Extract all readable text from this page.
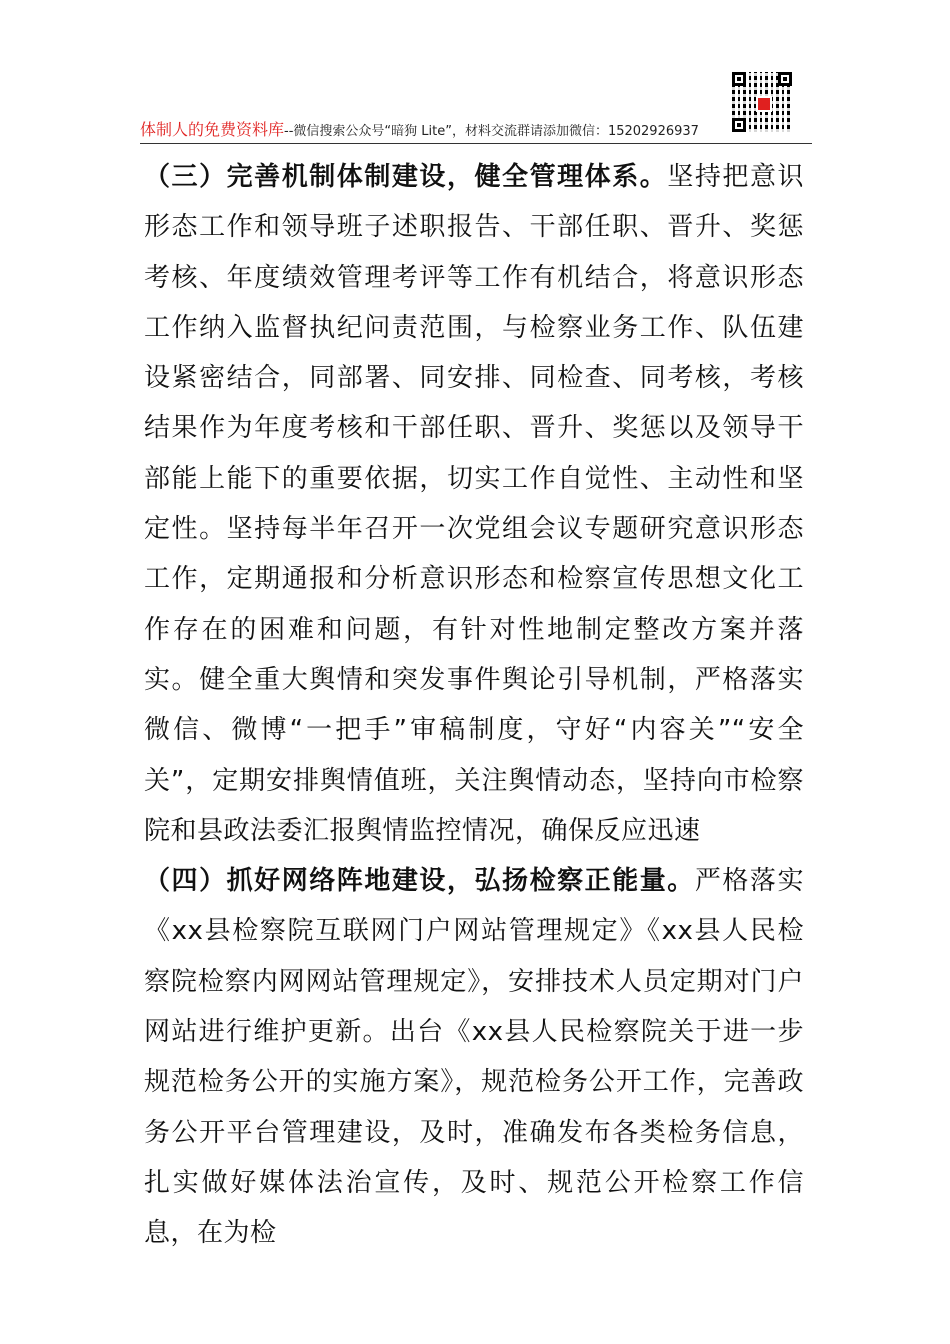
体制人的免费资料库--微信搜索公众号“暗狗 Lite”，材料交流群请添加微信：15202926937

（三）完善机制体制建设，健全管理体系。坚持把意识形态工作和领导班子述职报告、干部任职、晋升、奖惩考核、年度绩效管理考评等工作有机结合，将意识形态工作纳入监督执纪问责范围，与检察业务工作、队伍建设紧密结合，同部署、同安排、同检查、同考核，考核结果作为年度考核和干部任职、晋升、奖惩以及领导干部能上能下的重要依据，切实工作自觉性、主动性和坚定性。坚持每半年召开一次党组会议专题研究意识形态工作，定期通报和分析意识形态和检察宣传思想文化工作存在的困难和问题，有针对性地制定整改方案并落实。健全重大舆情和突发事件舆论引导机制，严格落实微信、微博“一把手”审稿制度，守好“内容关”“安全关”，定期安排舆情值班，关注舆情动态，坚持向市检察院和县政法委汇报舆情监控情况，确保反应迅速

（四）抓好网络阵地建设，弘扬检察正能量。严格落实《xx县检察院互联网门户网站管理规定》《xx县人民检察院检察内网网站管理规定》，安排技术人员定期对门户网站进行维护更新。出台《xx县人民检察院关于进一步规范检务公开的实施方案》，规范检务公开工作，完善政务公开平台管理建设，及时，准确发布各类检务信息，扎实做好媒体法治宣传，及时、规范公开检察工作信息，在为检
